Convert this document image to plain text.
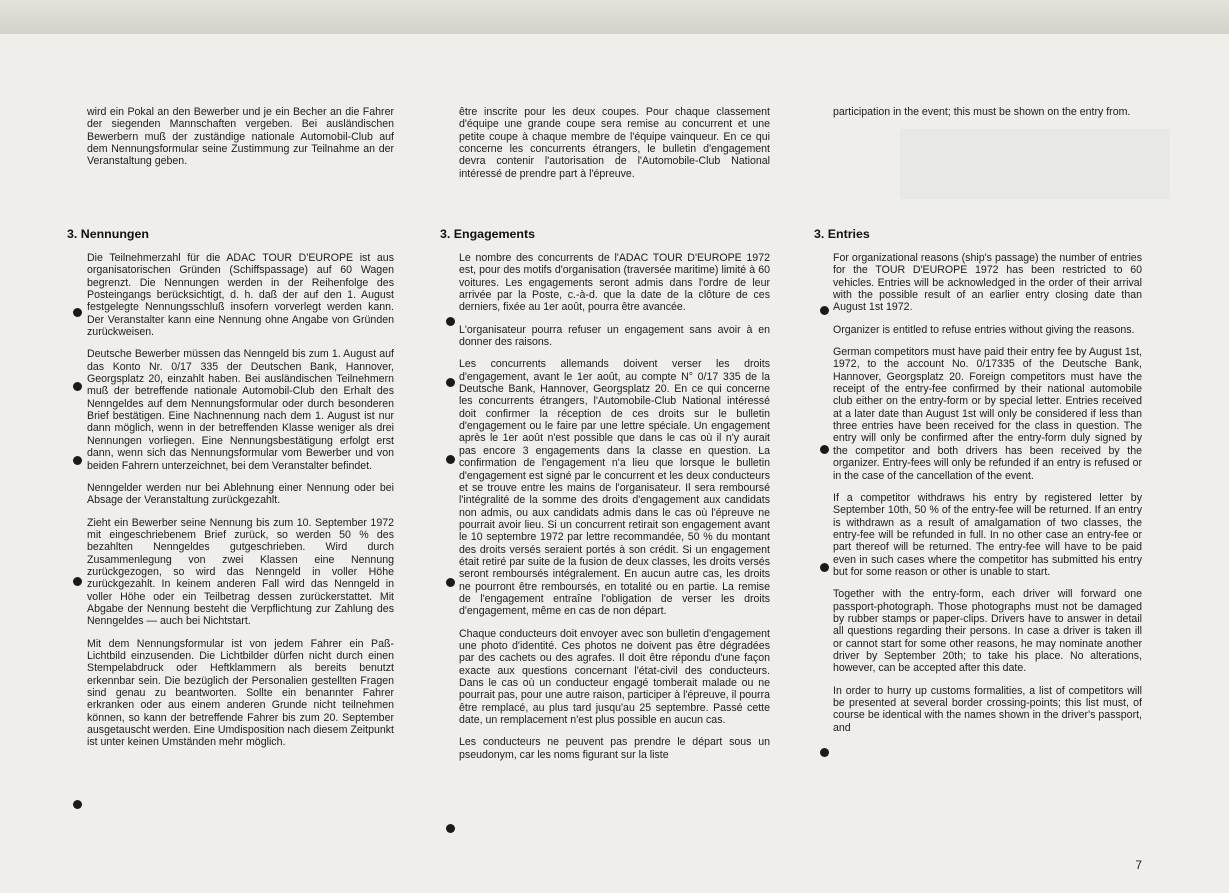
wird ein Pokal an den Bewerber und je ein Becher an die Fahrer der siegenden Mannschaften vergeben. Bei ausländischen Bewerbern muß der zuständige nationale Automobil-Club auf dem Nennungsformular seine Zustimmung zur Teilnahme an der Veranstaltung geben.

3. Nennungen

Die Teilnehmerzahl für die ADAC TOUR D'EUROPE ist aus organisatorischen Gründen (Schiffspassage) auf 60 Wagen begrenzt. Die Nennungen werden in der Reihenfolge des Posteingangs berücksichtigt, d. h. daß der auf den 1. August festgelegte Nennungsschluß insofern vorverlegt werden kann. Der Veranstalter kann eine Nennung ohne Angabe von Gründen zurückweisen.

Deutsche Bewerber müssen das Nenngeld bis zum 1. August auf das Konto Nr. 0/17 335 der Deutschen Bank, Hannover, Georgsplatz 20, einzahlt haben. Bei ausländischen Teilnehmern muß der betreffende nationale Automobil-Club den Erhalt des Nenngeldes auf dem Nennungsformular oder durch besonderen Brief bestätigen. Eine Nachnennung nach dem 1. August ist nur dann möglich, wenn in der betreffenden Klasse weniger als drei Nennungen vorliegen. Eine Nennungsbestätigung erfolgt erst dann, wenn sich das Nennungsformular vom Bewerber und von beiden Fahrern unterzeichnet, bei dem Veranstalter befindet.

Nenngelder werden nur bei Ablehnung einer Nennung oder bei Absage der Veranstaltung zurückgezahlt.

Zieht ein Bewerber seine Nennung bis zum 10. September 1972 mit eingeschriebenem Brief zurück, so werden 50 % des bezahlten Nenngeldes gutgeschrieben. Wird durch Zusammenlegung von zwei Klassen eine Nennung zurückgezogen, so wird das Nenngeld in voller Höhe zurückgezahlt. In keinem anderen Fall wird das Nenngeld in voller Höhe oder ein Teilbetrag dessen zurückerstattet. Mit Abgabe der Nennung besteht die Verpflichtung zur Zahlung des Nenngeldes — auch bei Nichtstart.

Mit dem Nennungsformular ist von jedem Fahrer ein Paß-Lichtbild einzusenden. Die Lichtbilder dürfen nicht durch einen Stempelabdruck oder Heftklammern als bereits benutzt erkennbar sein. Die bezüglich der Personalien gestellten Fragen sind genau zu beantworten. Sollte ein benannter Fahrer erkranken oder aus einem anderen Grunde nicht teilnehmen können, so kann der betreffende Fahrer bis zum 20. September ausgetauscht werden. Eine Umdisposition nach diesem Zeitpunkt ist unter keinen Umständen mehr möglich.

être inscrite pour les deux coupes. Pour chaque classement d'équipe une grande coupe sera remise au concurrent et une petite coupe à chaque membre de l'équipe vainqueur. En ce qui concerne les concurrents étrangers, le bulletin d'engagement devra contenir l'autorisation de l'Automobile-Club National intéressé de prendre part à l'épreuve.

3. Engagements

Le nombre des concurrents de l'ADAC TOUR D'EUROPE 1972 est, pour des motifs d'organisation (traversée maritime) limité à 60 voitures. Les engagements seront admis dans l'ordre de leur arrivée par la Poste, c.-à-d. que la date de la clôture de ces derniers, fixée au 1er août, pourra être avancée.

L'organisateur pourra refuser un engagement sans avoir à en donner des raisons.

Les concurrents allemands doivent verser les droits d'engagement, avant le 1er août, au compte N° 0/17 335 de la Deutsche Bank, Hannover, Georgsplatz 20. En ce qui concerne les concurrents étrangers, l'Automobile-Club National intéressé doit confirmer la réception de ces droits sur le bulletin d'engagement ou le faire par une lettre spéciale. Un engagement après le 1er août n'est possible que dans le cas où il n'y aurait pas encore 3 engagements dans la classe en question. La confirmation de l'engagement n'a lieu que lorsque le bulletin d'engagement est signé par le concurrent et les deux conducteurs et se trouve entre les mains de l'organisateur. Il sera remboursé l'intégralité de la somme des droits d'engagement aux candidats non admis, ou aux candidats admis dans le cas où l'épreuve ne pourrait avoir lieu. Si un concurrent retirait son engagement avant le 10 septembre 1972 par lettre recommandée, 50 % du montant des droits versés seraient portés à son crédit. Si un engagement était retiré par suite de la fusion de deux classes, les droits versés seront remboursés intégralement. En aucun autre cas, les droits ne pourront être remboursés, en totalité ou en partie. La remise de l'engagement entraîne l'obligation de verser les droits d'engagement, même en cas de non départ.

Chaque conducteurs doit envoyer avec son bulletin d'engagement une photo d'identité. Ces photos ne doivent pas être dégradées par des cachets ou des agrafes. Il doit être répondu d'une façon exacte aux questions concernant l'état-civil des conducteurs. Dans le cas où un conducteur engagé tomberait malade ou ne pourrait pas, pour une autre raison, participer à l'épreuve, il pourra être remplacé, au plus tard jusqu'au 25 septembre. Passé cette date, un remplacement n'est plus possible en aucun cas.

Les conducteurs ne peuvent pas prendre le départ sous un pseudonym, car les noms figurant sur la liste

participation in the event; this must be shown on the entry from.

3. Entries

For organizational reasons (ship's passage) the number of entries for the TOUR D'EUROPE 1972 has been restricted to 60 vehicles. Entries will be acknowledged in the order of their arrival with the possible result of an earlier entry closing date than August 1st 1972.

Organizer is entitled to refuse entries without giving the reasons.

German competitors must have paid their entry fee by August 1st, 1972, to the account No. 0/17335 of the Deutsche Bank, Hannover, Georgsplatz 20. Foreign competitors must have the receipt of the entry-fee confirmed by their national automobile club either on the entry-form or by special letter. Entries received at a later date than August 1st will only be considered if less than three entries have been received for the class in question. The entry will only be confirmed after the entry-form duly signed by the competitor and both drivers has been received by the organizer. Entry-fees will only be refunded if an entry is refused or in the case of the cancellation of the event.

If a competitor withdraws his entry by registered letter by September 10th, 50 % of the entry-fee will be returned. If an entry is withdrawn as a result of amalgamation of two classes, the entry-fee will be refunded in full. In no other case an entry-fee or part thereof will be returned. The entry-fee will have to be paid even in such cases where the competitor has submitted his entry but for some reason or other is unable to start.

Together with the entry-form, each driver will forward one passport-photograph. Those photographs must not be damaged by rubber stamps or paper-clips. Drivers have to answer in detail all questions regarding their persons. In case a driver is taken ill or cannot start for some other reasons, he may nominate another driver by September 20th; to take his place. No alterations, however, can be accepted after this date.

In order to hurry up customs formalities, a list of competitors will be presented at several border crossing-points; this list must, of course be identical with the names shown in the driver's passport, and

7
